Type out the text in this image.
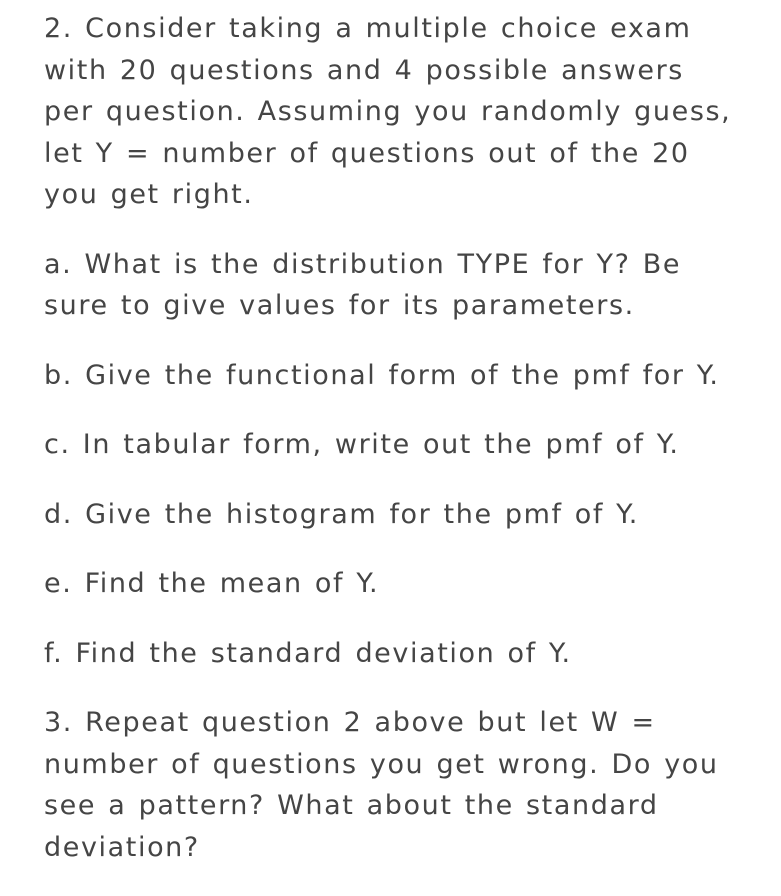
2. Consider taking a multiple choice exam with 20 questions and 4 possible answers per question. Assuming you randomly guess, let Y = number of questions out of the 20 you get right.

a. What is the distribution TYPE for Y? Be sure to give values for its parameters.

b. Give the functional form of the pmf for Y.

c. In tabular form, write out the pmf of Y.

d. Give the histogram for the pmf of Y.

e. Find the mean of Y.

f. Find the standard deviation of Y.

3. Repeat question 2 above but let W = number of questions you get wrong. Do you see a pattern? What about the standard deviation?
